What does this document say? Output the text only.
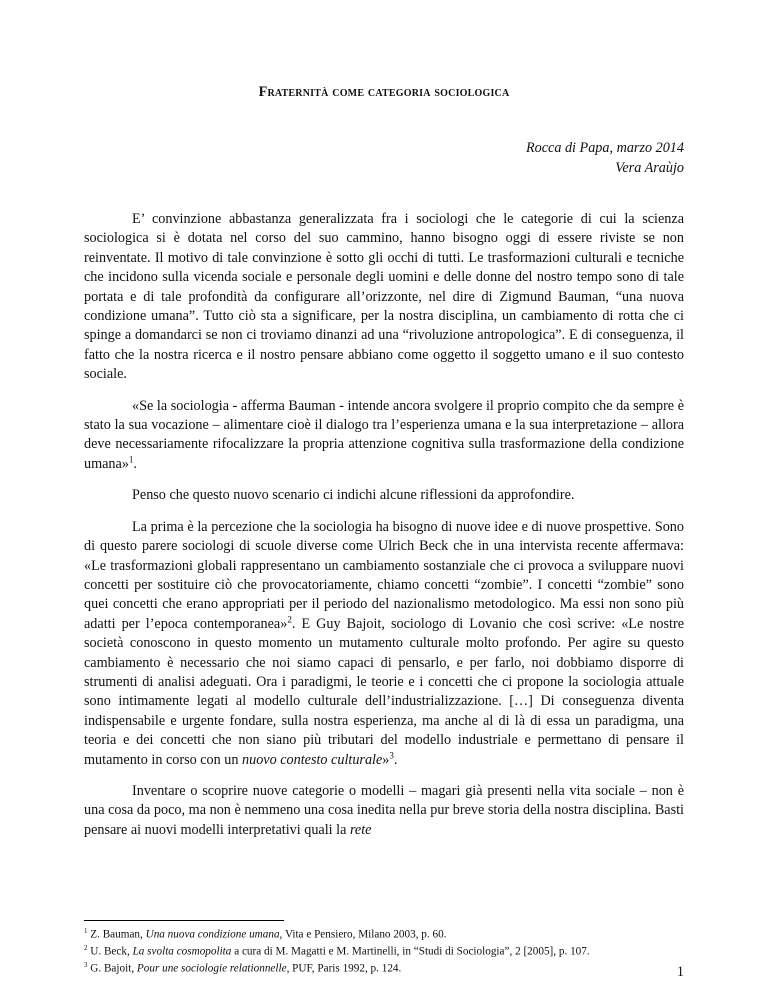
Fraternità come categoria sociologica
Rocca di Papa, marzo 2014
Vera Araùjo

E’ convinzione abbastanza generalizzata fra i sociologi che le categorie di cui la scienza sociologica si è dotata nel corso del suo cammino, hanno bisogno oggi di essere riviste se non reinventate. Il motivo di tale convinzione è sotto gli occhi di tutti. Le trasformazioni culturali e tecniche che incidono sulla vicenda sociale e personale degli uomini e delle donne del nostro tempo sono di tale portata e di tale profondità da configurare all’orizzonte, nel dire di Zigmund Bauman, “una nuova condizione umana”. Tutto ciò sta a significare, per la nostra disciplina, un cambiamento di rotta che ci spinge a domandarci se non ci troviamo dinanzi ad una “rivoluzione antropologica”. E di conseguenza, il fatto che la nostra ricerca e il nostro pensare abbiano come oggetto il soggetto umano e il suo contesto sociale.

«Se la sociologia - afferma Bauman - intende ancora svolgere il proprio compito che da sempre è stato la sua vocazione – alimentare cioè il dialogo tra l’esperienza umana e la sua interpretazione – allora deve necessariamente rifocalizzare la propria attenzione cognitiva sulla trasformazione della condizione umana»$^1$.

Penso che questo nuovo scenario ci indichi alcune riflessioni da approfondire.

La prima è la percezione che la sociologia ha bisogno di nuove idee e di nuove prospettive. Sono di questo parere sociologi di scuole diverse come Ulrich Beck che in una intervista recente affermava: «Le trasformazioni globali rappresentano un cambiamento sostanziale che ci provoca a sviluppare nuovi concetti per sostituire ciò che provocatoriamente, chiamo concetti “zombie”. I concetti “zombie” sono quei concetti che erano appropriati per il periodo del nazionalismo metodologico. Ma essi non sono più adatti per l’epoca contemporanea»$^2$. E Guy Bajoit, sociologo di Lovanio che così scrive: «Le nostre società conoscono in questo momento un mutamento culturale molto profondo. Per agire su questo cambiamento è necessario che noi siamo capaci di pensarlo, e per farlo, noi dobbiamo disporre di strumenti di analisi adeguati. Ora i paradigmi, le teorie e i concetti che ci propone la sociologia attuale sono intimamente legati al modello culturale dell’industrializzazione. […] Di conseguenza diventa indispensabile e urgente fondare, sulla nostra esperienza, ma anche al di là di essa un paradigma, una teoria e dei concetti che non siano più tributari del modello industriale e permettano di pensare il mutamento in corso con un nuovo contesto culturale»$^3$.

Inventare o scoprire nuove categorie o modelli – magari già presenti nella vita sociale – non è una cosa da poco, ma non è nemmeno una cosa inedita nella pur breve storia della nostra disciplina. Basti pensare ai nuovi modelli interpretativi quali la rete

$^1$ Z. Bauman, Una nuova condizione umana, Vita e Pensiero, Milano 2003, p. 60.

$^2$ U. Beck, La svolta cosmopolita a cura di M. Magatti e M. Martinelli, in “Studi di Sociologia”, 2 [2005], p. 107.

$^3$ G. Bajoit, Pour une sociologie relationnelle, PUF, Paris 1992, p. 124.	1
